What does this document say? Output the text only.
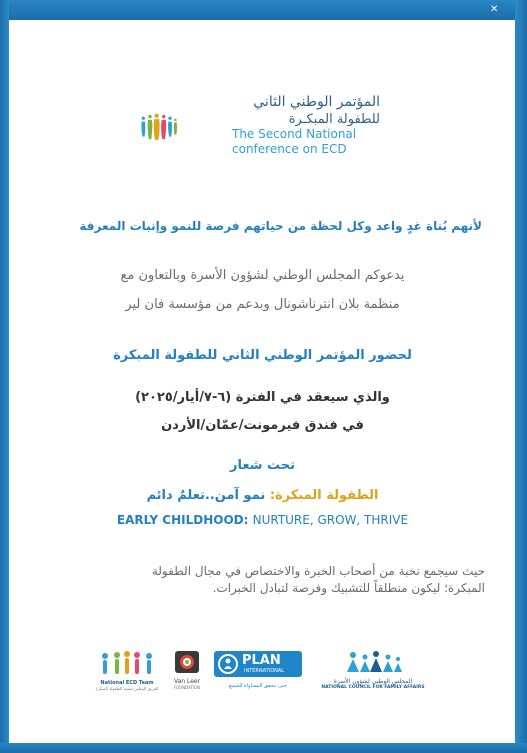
✕
المؤتمر الوطني الثاني
للطفولة المبكـرة
The Second National
conference on ECD
لأنهم بُناة غدٍ واعد وكل لحظة من حياتهم فرصة للنمو وإنبات المعرفة
يدعوكم المجلس الوطني لشؤون الأسرة وبالتعاون مع
منظمة بلان انترناشونال وبدعم من مؤسسة فان لير
لحضور المؤتمر الوطني الثاني للطفولة المبكرة
والذي سيعقد في الفترة (٦-٧/أيار/٢٠٢٥)
في فندق فيرمونت/عمّان/الأردن
تحت شعار
الطفولة المبكرة: نمو آمن..تعلمٌ دائم
EARLY CHILDHOOD: NURTURE, GROW, THRIVE
حيث سيجمع نخبة من أصحاب الخبرة والاختصاص في مجال الطفولة
المبكرة؛ ليكون منطلقاً للتشبيك وفرصة لتبادل الخبرات.
National ECD Team
الفريق الوطني لتنمية الطفولة المبكرة
Van Leer
FOUNDATION
PLAN
INTERNATIONAL
حتى تتحقق المساواة للجميع
المجلس الوطني لشؤون الأسرة
NATIONAL COUNCIL FOR FAMILY AFFAIRS
